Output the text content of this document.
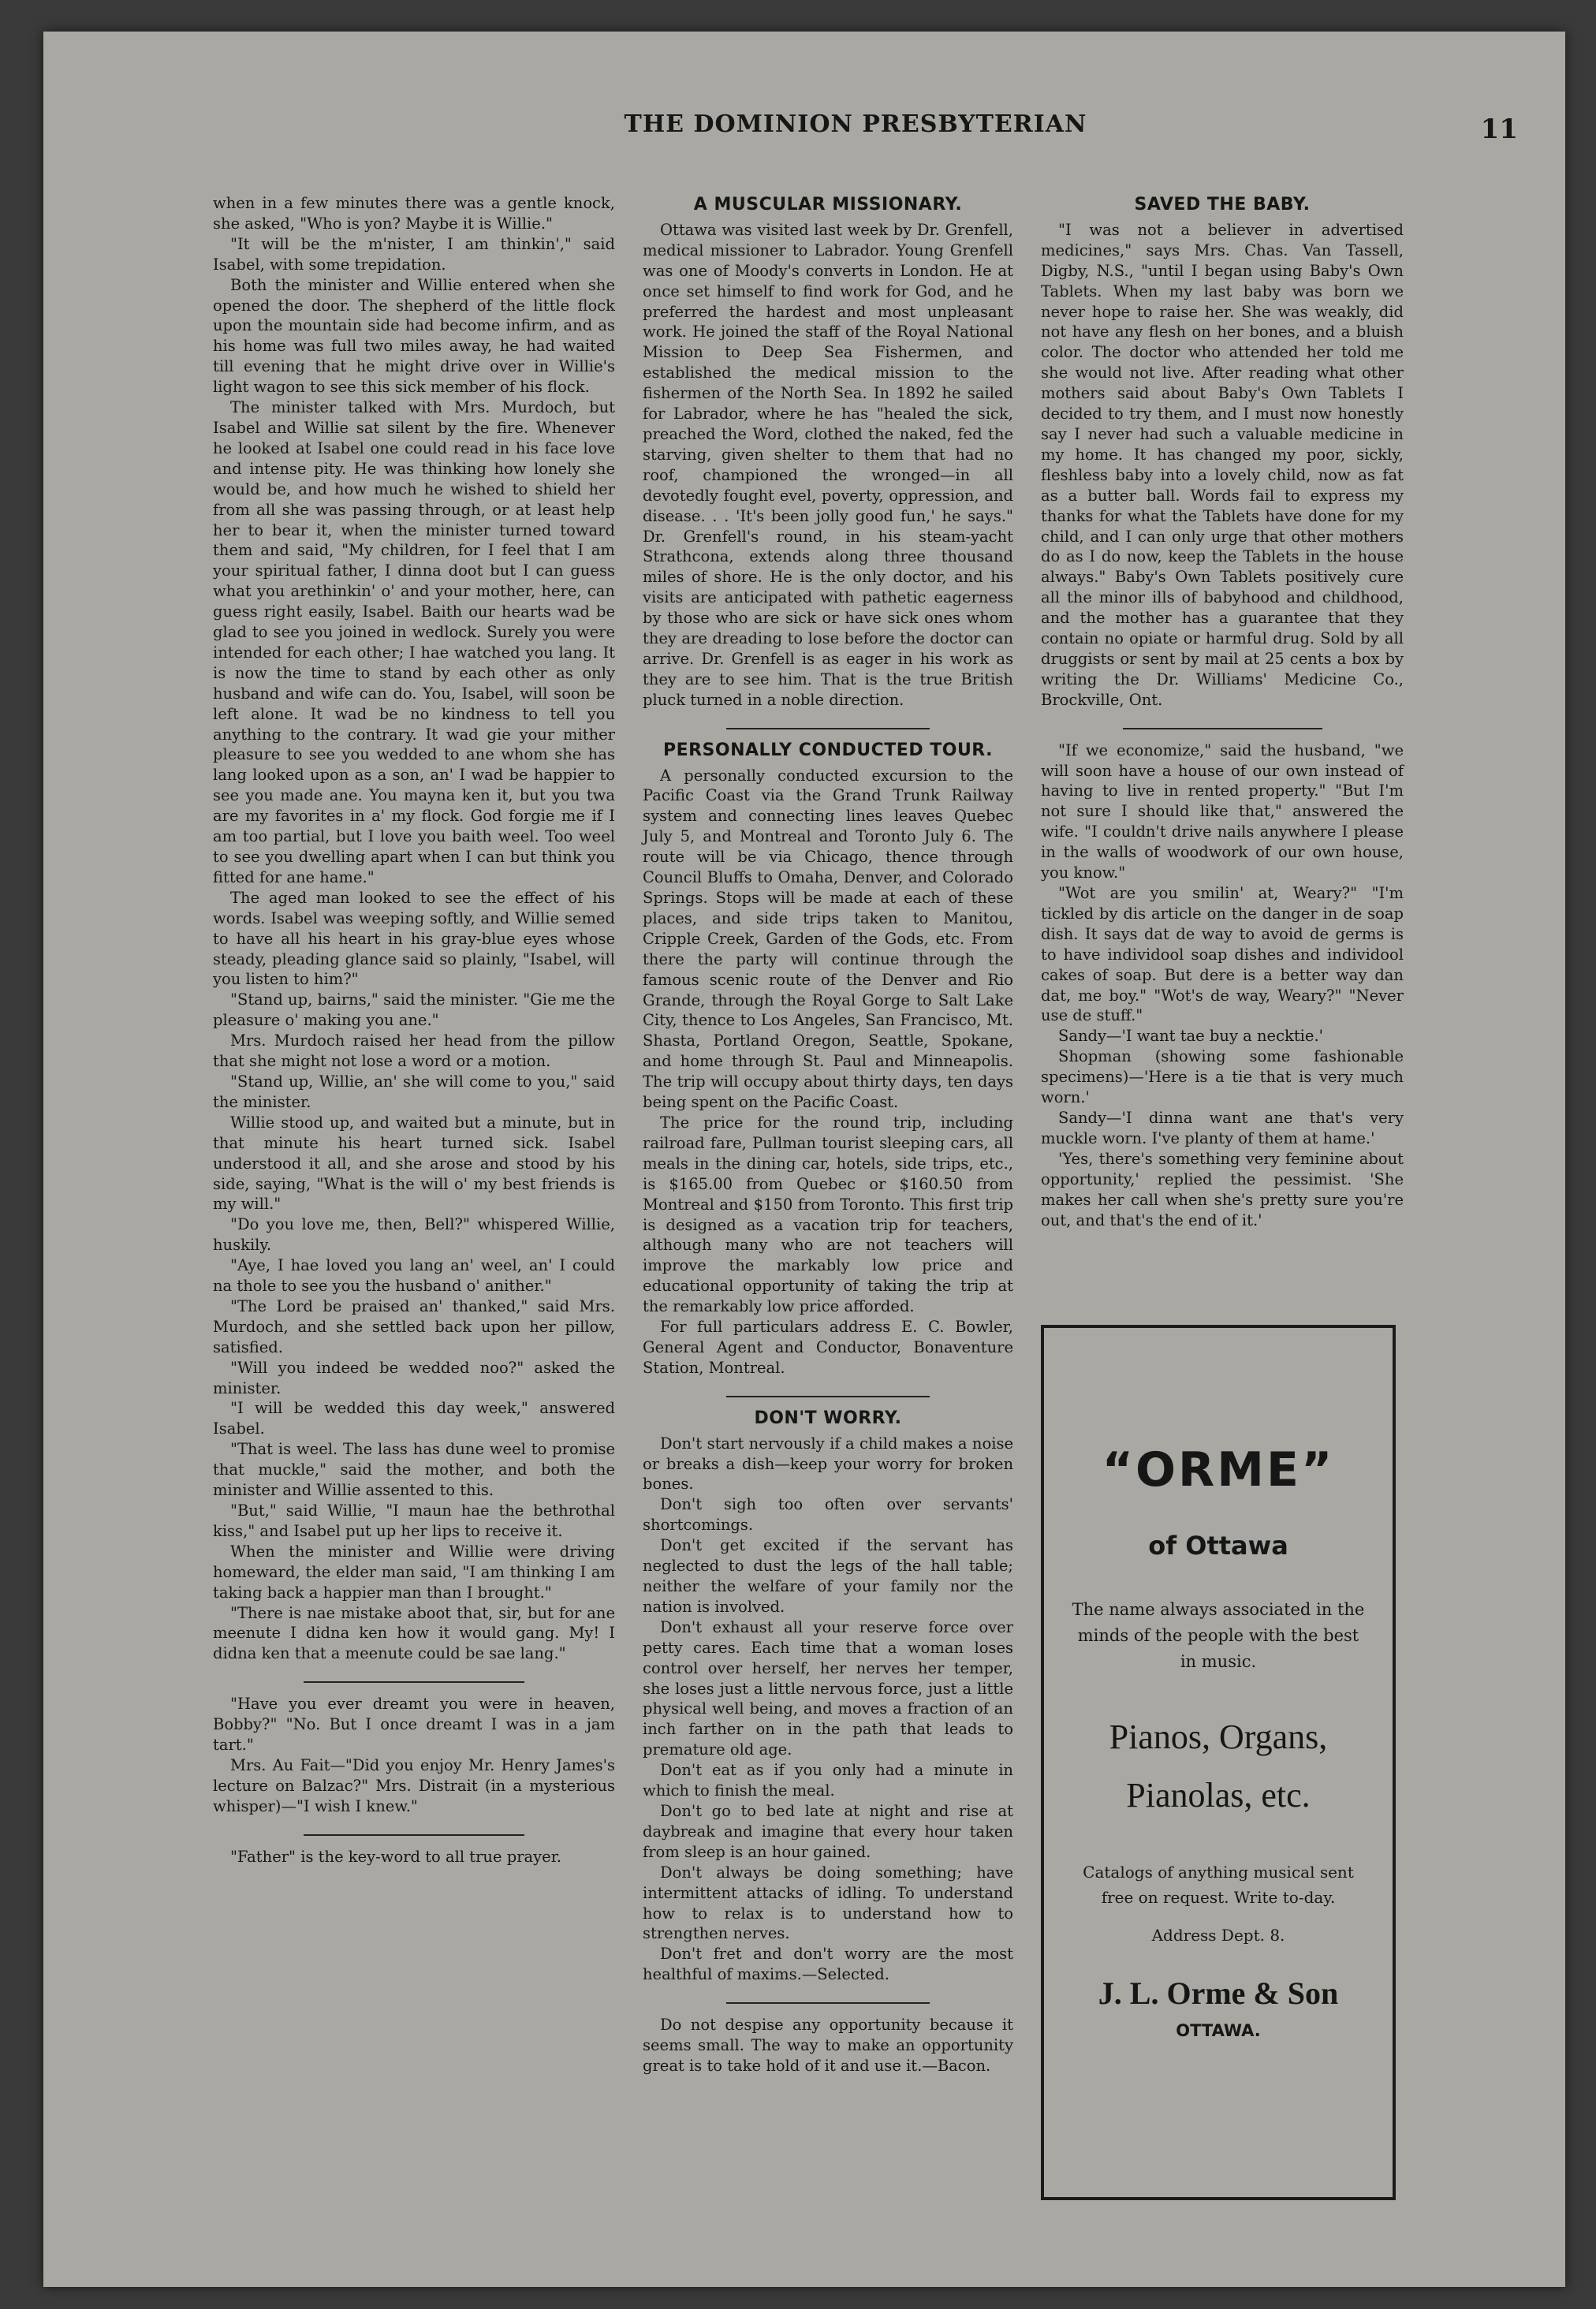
THE DOMINION PRESBYTERIAN	11

when in a few minutes there was a gentle knock, she asked, "Who is yon? Maybe it is Willie."

"It will be the m'nister, I am thinkin'," said Isabel, with some trepidation.

Both the minister and Willie entered when she opened the door. The shepherd of the little flock upon the mountain side had become infirm, and as his home was full two miles away, he had waited till evening that he might drive over in Willie's light wagon to see this sick member of his flock.

The minister talked with Mrs. Murdoch, but Isabel and Willie sat silent by the fire. Whenever he looked at Isabel one could read in his face love and intense pity. He was thinking how lonely she would be, and how much he wished to shield her from all she was passing through, or at least help her to bear it, when the minister turned toward them and said, "My children, for I feel that I am your spiritual father, I dinna doot but I can guess what you arethinkin' o' and your mother, here, can guess right easily, Isabel. Baith our hearts wad be glad to see you joined in wedlock. Surely you were intended for each other; I hae watched you lang. It is now the time to stand by each other as only husband and wife can do. You, Isabel, will soon be left alone. It wad be no kindness to tell you anything to the contrary. It wad gie your mither pleasure to see you wedded to ane whom she has lang looked upon as a son, an' I wad be happier to see you made ane. You mayna ken it, but you twa are my favorites in a' my flock. God forgie me if I am too partial, but I love you baith weel. Too weel to see you dwelling apart when I can but think you fitted for ane hame."

The aged man looked to see the effect of his words. Isabel was weeping softly, and Willie semed to have all his heart in his gray-blue eyes whose steady, pleading glance said so plainly, "Isabel, will you listen to him?"

"Stand up, bairns," said the minister. "Gie me the pleasure o' making you ane."

Mrs. Murdoch raised her head from the pillow that she might not lose a word or a motion.

"Stand up, Willie, an' she will come to you," said the minister.

Willie stood up, and waited but a minute, but in that minute his heart turned sick. Isabel understood it all, and she arose and stood by his side, saying, "What is the will o' my best friends is my will."

"Do you love me, then, Bell?" whispered Willie, huskily.

"Aye, I hae loved you lang an' weel, an' I could na thole to see you the husband o' anither."

"The Lord be praised an' thanked," said Mrs. Murdoch, and she settled back upon her pillow, satisfied.

"Will you indeed be wedded noo?" asked the minister.

"I will be wedded this day week," answered Isabel.

"That is weel. The lass has dune weel to promise that muckle," said the mother, and both the minister and Willie assented to this.

"But," said Willie, "I maun hae the bethrothal kiss," and Isabel put up her lips to receive it.

When the minister and Willie were driving homeward, the elder man said, "I am thinking I am taking back a happier man than I brought."

"There is nae mistake aboot that, sir, but for ane meenute I didna ken how it would gang. My! I didna ken that a meenute could be sae lang."

"Have you ever dreamt you were in heaven, Bobby?" "No. But I once dreamt I was in a jam tart."

Mrs. Au Fait—"Did you enjoy Mr. Henry James's lecture on Balzac?" Mrs. Distrait (in a mysterious whisper)—"I wish I knew."

"Father" is the key-word to all true prayer.

A MUSCULAR MISSIONARY.

Ottawa was visited last week by Dr. Grenfell, medical missioner to Labrador. Young Grenfell was one of Moody's converts in London. He at once set himself to find work for God, and he preferred the hardest and most unpleasant work. He joined the staff of the Royal National Mission to Deep Sea Fishermen, and established the medical mission to the fishermen of the North Sea. In 1892 he sailed for Labrador, where he has "healed the sick, preached the Word, clothed the naked, fed the starving, given shelter to them that had no roof, championed the wronged—in all devotedly fought evel, poverty, oppression, and disease. . . 'It's been jolly good fun,' he says." Dr. Grenfell's round, in his steam-yacht Strathcona, extends along three thousand miles of shore. He is the only doctor, and his visits are anticipated with pathetic eagerness by those who are sick or have sick ones whom they are dreading to lose before the doctor can arrive. Dr. Grenfell is as eager in his work as they are to see him. That is the true British pluck turned in a noble direction.

PERSONALLY CONDUCTED TOUR.

A personally conducted excursion to the Pacific Coast via the Grand Trunk Railway system and connecting lines leaves Quebec July 5, and Montreal and Toronto July 6. The route will be via Chicago, thence through Council Bluffs to Omaha, Denver, and Colorado Springs. Stops will be made at each of these places, and side trips taken to Manitou, Cripple Creek, Garden of the Gods, etc. From there the party will continue through the famous scenic route of the Denver and Rio Grande, through the Royal Gorge to Salt Lake City, thence to Los Angeles, San Francisco, Mt. Shasta, Portland Oregon, Seattle, Spokane, and home through St. Paul and Minneapolis. The trip will occupy about thirty days, ten days being spent on the Pacific Coast.

The price for the round trip, including railroad fare, Pullman tourist sleeping cars, all meals in the dining car, hotels, side trips, etc., is $165.00 from Quebec or $160.50 from Montreal and $150 from Toronto. This first trip is designed as a vacation trip for teachers, although many who are not teachers will improve the markably low price and educational opportunity of taking the trip at the remarkably low price afforded.

For full particulars address E. C. Bowler, General Agent and Conductor, Bonaventure Station, Montreal.

DON'T WORRY.

Don't start nervously if a child makes a noise or breaks a dish—keep your worry for broken bones.

Don't sigh too often over servants' shortcomings.

Don't get excited if the servant has neglected to dust the legs of the hall table; neither the welfare of your family nor the nation is involved.

Don't exhaust all your reserve force over petty cares. Each time that a woman loses control over herself, her nerves her temper, she loses just a little nervous force, just a little physical well being, and moves a fraction of an inch farther on in the path that leads to premature old age.

Don't eat as if you only had a minute in which to finish the meal.

Don't go to bed late at night and rise at daybreak and imagine that every hour taken from sleep is an hour gained.

Don't always be doing something; have intermittent attacks of idling. To understand how to relax is to understand how to strengthen nerves.

Don't fret and don't worry are the most healthful of maxims.—Selected.

Do not despise any opportunity because it seems small. The way to make an opportunity great is to take hold of it and use it.—Bacon.

SAVED THE BABY.

"I was not a believer in advertised medicines," says Mrs. Chas. Van Tassell, Digby, N.S., "until I began using Baby's Own Tablets. When my last baby was born we never hope to raise her. She was weakly, did not have any flesh on her bones, and a bluish color. The doctor who attended her told me she would not live. After reading what other mothers said about Baby's Own Tablets I decided to try them, and I must now honestly say I never had such a valuable medicine in my home. It has changed my poor, sickly, fleshless baby into a lovely child, now as fat as a butter ball. Words fail to express my thanks for what the Tablets have done for my child, and I can only urge that other mothers do as I do now, keep the Tablets in the house always." Baby's Own Tablets positively cure all the minor ills of babyhood and childhood, and the mother has a guarantee that they contain no opiate or harmful drug. Sold by all druggists or sent by mail at 25 cents a box by writing the Dr. Williams' Medicine Co., Brockville, Ont.

"If we economize," said the husband, "we will soon have a house of our own instead of having to live in rented property." "But I'm not sure I should like that," answered the wife. "I couldn't drive nails anywhere I please in the walls of woodwork of our own house, you know."

"Wot are you smilin' at, Weary?" "I'm tickled by dis article on the danger in de soap dish. It says dat de way to avoid de germs is to have individool soap dishes and individool cakes of soap. But dere is a better way dan dat, me boy." "Wot's de way, Weary?" "Never use de stuff."

Sandy—'I want tae buy a necktie.'

Shopman (showing some fashionable specimens)—'Here is a tie that is very much worn.'

Sandy—'I dinna want ane that's very muckle worn. I've planty of them at hame.'

'Yes, there's something very feminine about opportunity,' replied the pessimist. 'She makes her call when she's pretty sure you're out, and that's the end of it.'

“ORME”
of Ottawa
The name always associated in the minds of the people with the best in music.
Pianos, Organs,
Pianolas, etc.
Catalogs of anything musical sent free on request. Write to-day.
Address Dept. 8.
J. L. Orme & Son
OTTAWA.
